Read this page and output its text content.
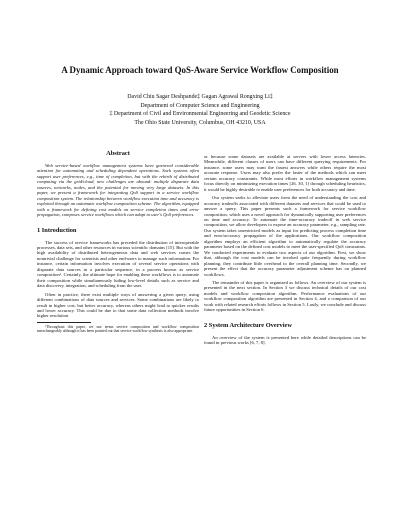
A Dynamic Approach toward QoS-Aware Service Workflow Composition
David Chiu Sagar Deshpande‡ Gagan Agrawal Rongxing Li‡
Department of Computer Science and Engineering
‡ Department of Civil and Environmental Engineering and Geodetic Science
The Ohio State University, Columbus, OH 43210, USA
Abstract

Web service-based workflow management systems have garnered considerable attention for automating and scheduling dependent operations. Such systems often support user preferences, e.g., time of completion, but with the rebirth of distributed computing via the grid/cloud, new challenges are abound: multiple disparate data sources, networks, nodes, and the potential for moving very large datasets. In this paper, we present a framework for integrating QoS support in a service workflow composition system. The relationship between workflow execution time and accuracy is exploited through an automatic workflow composition scheme. The algorithm, equipped with a framework for defining cost models on service completion times and error propagation, composes service workflows which can adapt to user's QoS preferences.

1 Introduction

The success of service frameworks has preceded the distribution of interoperable processes, data sets, and other resources in various scientific domains [15]. But with the high availability of distributed heterogeneous data and web services comes the nontrivial challenge for scientists and other end-users to manage such information. For instance, certain information involves execution of several service operations with disparate data sources in a particular sequence, in a process known as service composition¹. Certainly, the ultimate hope for enabling these workflows is to automate their composition while simultaneously hiding low-level details such as service and data discovery, integration, and scheduling from the user.

Often in practice, there exist multiple ways of answering a given query, using different combinations of data sources and services. Some combinations are likely to result in higher cost, but better accuracy, whereas others might lead to quicker results and lower accuracy. This could be due to that some data collection methods involve higher resolution

¹Throughout this paper, we use terms service composition and workflow composition interchangeably although it has been pointed out that service workflow synthesis is also appropriate.

or because some datasets are available at servers with lower access latencies. Meanwhile, different classes of users can have different querying requirements. For instance, some users may want the fastest answers while others require the most accurate response. Users may also prefer the faster of the methods which can meet certain accuracy constraints. While most efforts in workflow management systems focus directly on minimizing execution times [26, 30, 1] through scheduling heuristics, it would be highly desirable to enable user preferences for both accuracy and time.

Our system seeks to alleviate users from the need of understanding the cost and accuracy tradeoffs associated with different datasets and services that could be used to answer a query. This paper presents such a framework for service workflow composition, which uses a novel approach for dynamically supporting user preferences on time and accuracy. To automate the time-accuracy tradeoff in web service composition, we allow developers to expose an accuracy parameter, e.g., sampling rate. Our system takes unrestricted models as input for predicting process completion time and error/accuracy propagation of the applications. Our workflow composition algorithm employs an efficient algorithm to automatically regulate the accuracy parameter based on the defined cost models to meet the user-specified QoS constraints. We conducted experiments to evaluate two aspects of our algorithm. First, we show that, although the cost models can be invoked quite frequently during workflow planning, they contribute little overhead to the overall planning time. Secondly, we present the effect that the accuracy parameter adjustment scheme has on planned workflows.

The remainder of this paper is organized as follows. An overview of our system is presented in the next section. In Section 3 we discuss technical details of our cost models and workflow composition algorithm. Performance evaluations of our workflow composition algorithm are presented in Section 4, and a comparison of our work with related research efforts follows in Section 5. Lastly, we conclude and discuss future opportunities in Section 6.

2 System Architecture Overview

An overview of the system is presented here while detailed descriptions can be found in previous works [6, 7, 8].
